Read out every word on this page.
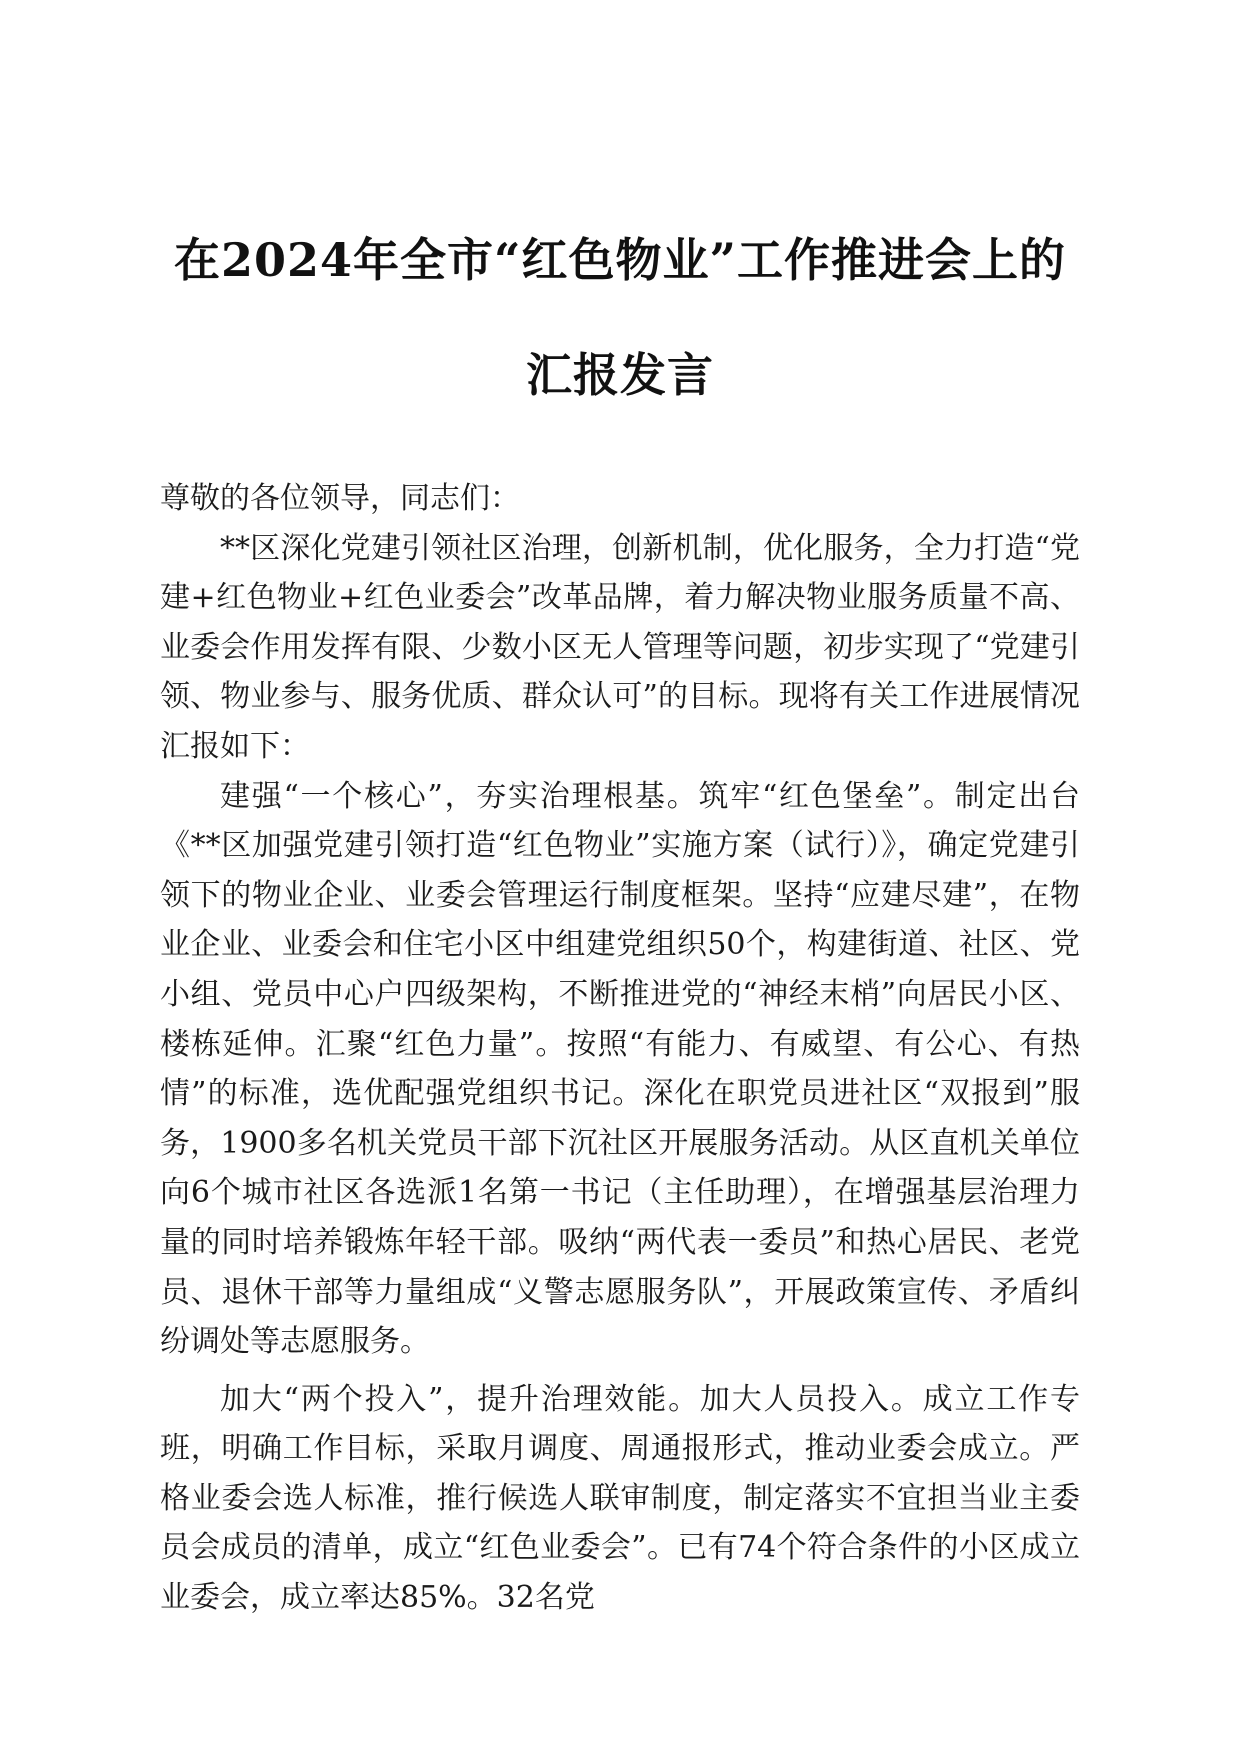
在2024年全市“红色物业”工作推进会上的
汇报发言

尊敬的各位领导，同志们：

**区深化党建引领社区治理，创新机制，优化服务，全力打造“党建+红色物业+红色业委会”改革品牌，着力解决物业服务质量不高、业委会作用发挥有限、少数小区无人管理等问题，初步实现了“党建引领、物业参与、服务优质、群众认可”的目标。现将有关工作进展情况汇报如下：

建强“一个核心”，夯实治理根基。筑牢“红色堡垒”。制定出台《**区加强党建引领打造“红色物业”实施方案（试行）》，确定党建引领下的物业企业、业委会管理运行制度框架。坚持“应建尽建”，在物业企业、业委会和住宅小区中组建党组织50个，构建街道、社区、党小组、党员中心户四级架构，不断推进党的“神经末梢”向居民小区、楼栋延伸。汇聚“红色力量”。按照“有能力、有威望、有公心、有热情”的标准，选优配强党组织书记。深化在职党员进社区“双报到”服务，1900多名机关党员干部下沉社区开展服务活动。从区直机关单位向6个城市社区各选派1名第一书记（主任助理），在增强基层治理力量的同时培养锻炼年轻干部。吸纳“两代表一委员”和热心居民、老党员、退休干部等力量组成“义警志愿服务队”，开展政策宣传、矛盾纠纷调处等志愿服务。

加大“两个投入”，提升治理效能。加大人员投入。成立工作专班，明确工作目标，采取月调度、周通报形式，推动业委会成立。严格业委会选人标准，推行候选人联审制度，制定落实不宜担当业主委员会成员的清单，成立“红色业委会”。已有74个符合条件的小区成立业委会，成立率达85%。32名党
